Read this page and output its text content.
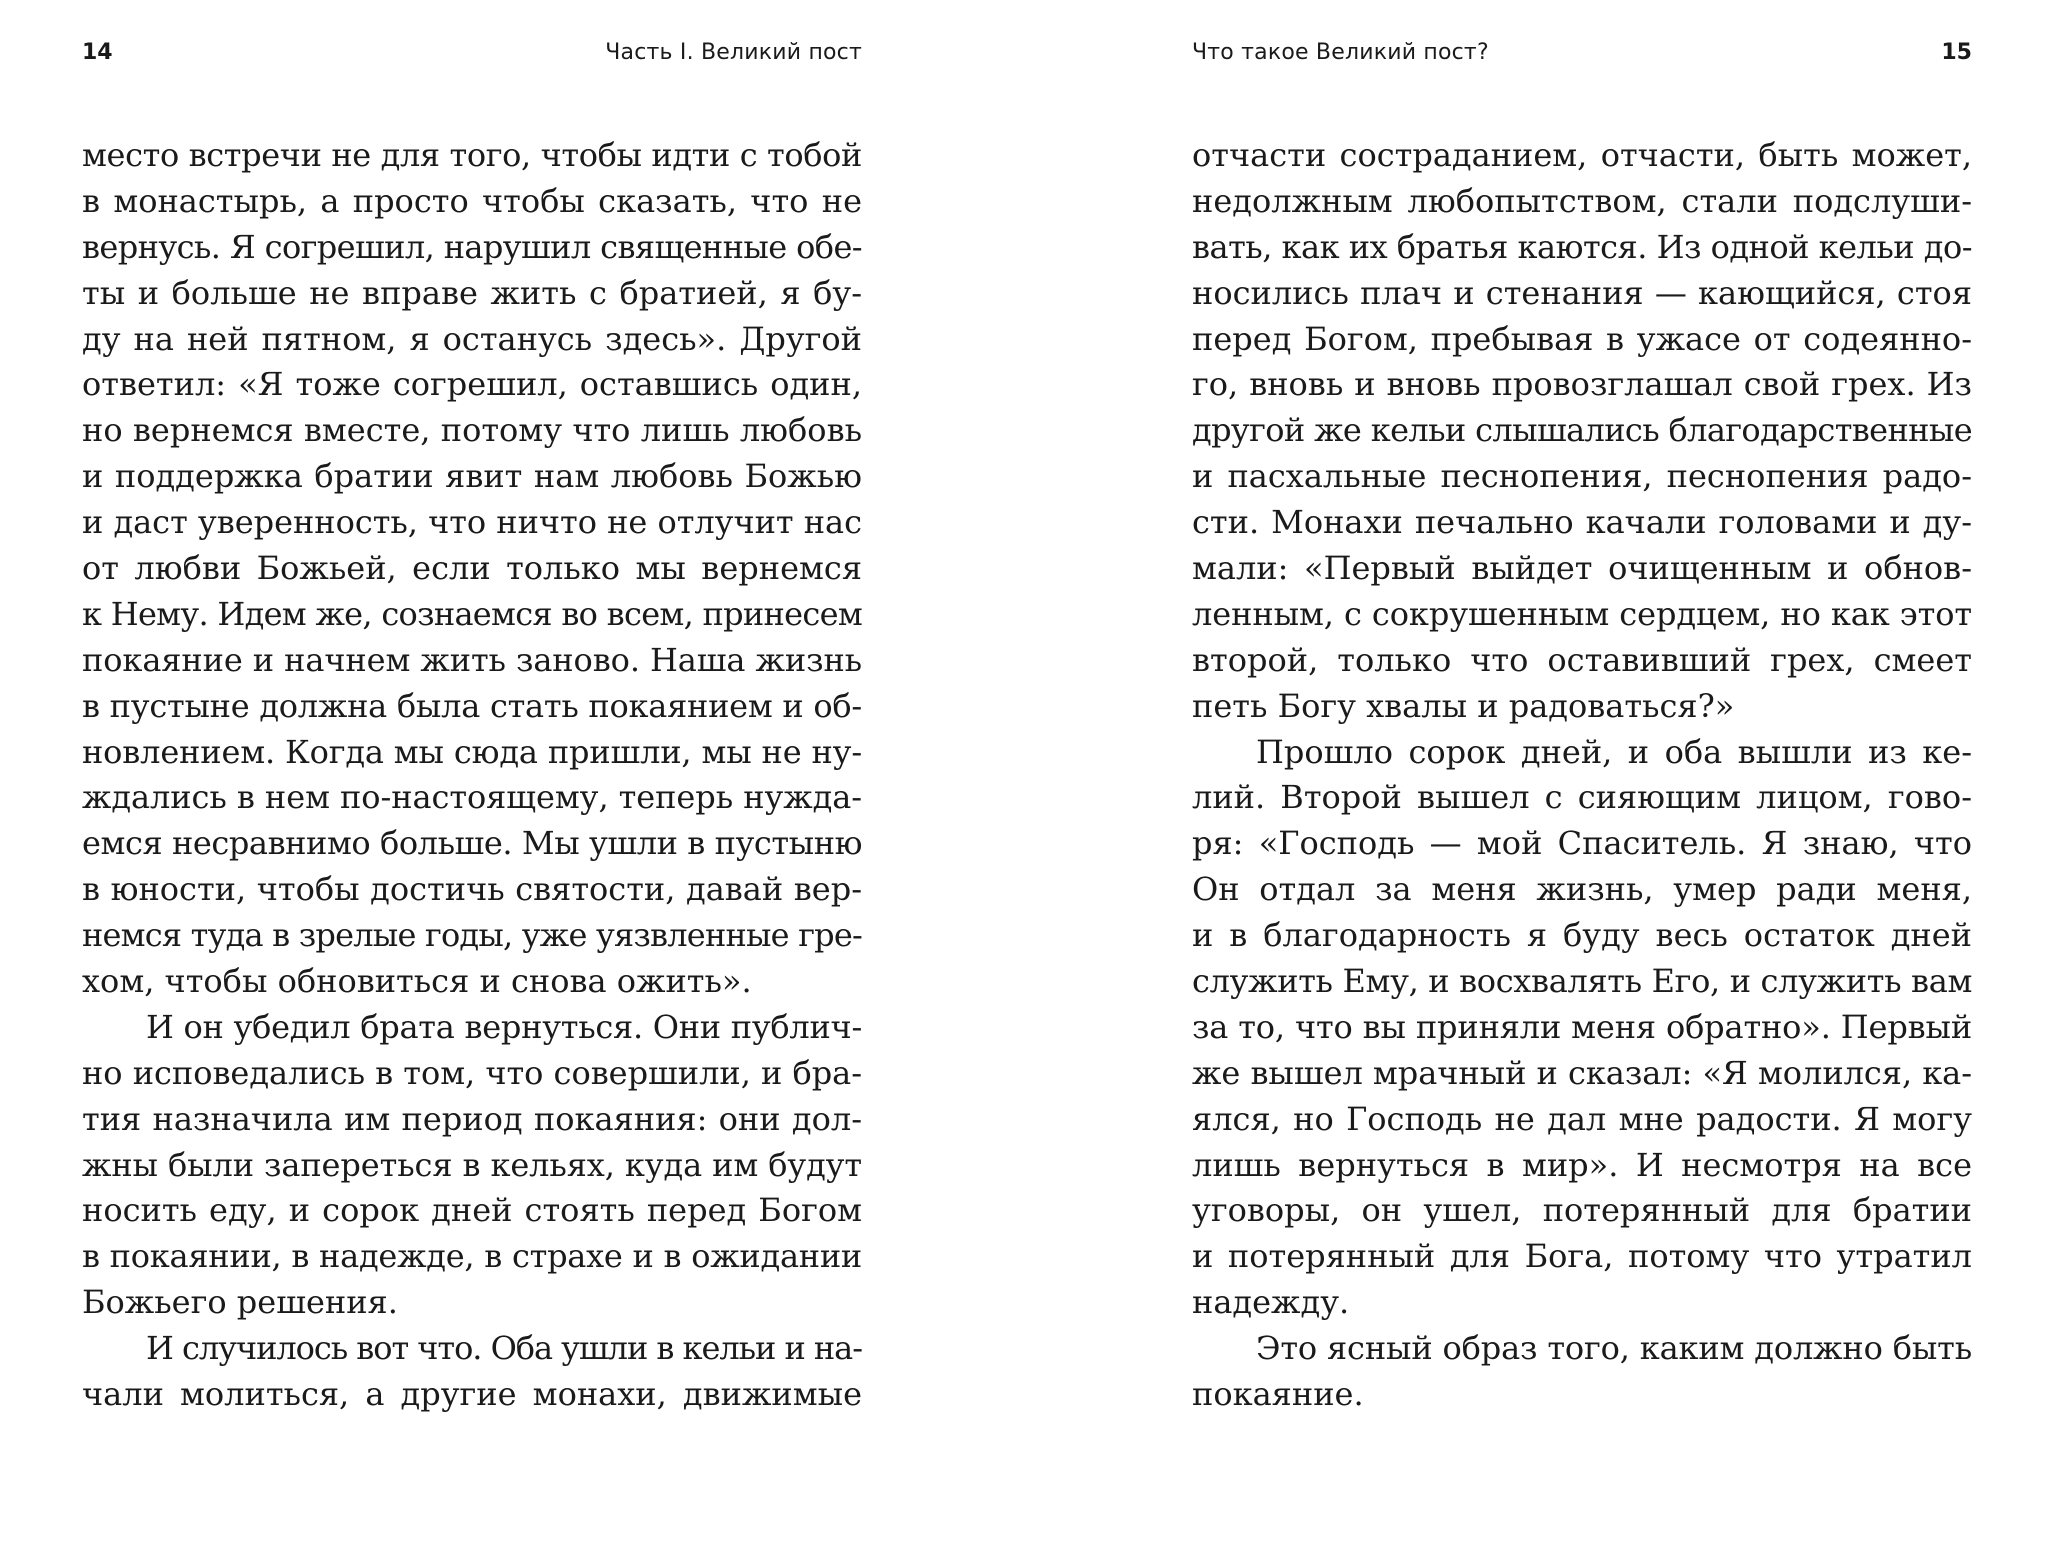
14	Часть I. Великий пост
место встречи не для того, чтобы идти с тобой
в монастырь, а просто чтобы сказать, что не
вернусь. Я согрешил, нарушил священные обе-
ты и больше не вправе жить с братией, я бу-
ду на ней пятном, я останусь здесь». Другой
ответил: «Я тоже согрешил, оставшись один,
но вернемся вместе, потому что лишь любовь
и поддержка братии явит нам любовь Божью
и даст уверенность, что ничто не отлучит нас
от любви Божьей, если только мы вернемся
к Нему. Идем же, сознаемся во всем, принесем
покаяние и начнем жить заново. Наша жизнь
в пустыне должна была стать покаянием и об-
новлением. Когда мы сюда пришли, мы не ну-
ждались в нем по-настоящему, теперь нужда-
емся несравнимо больше. Мы ушли в пустыню
в юности, чтобы достичь святости, давай вер-
немся туда в зрелые годы, уже уязвленные гре-
хом, чтобы обновиться и снова ожить».
И он убедил брата вернуться. Они публич-
но исповедались в том, что совершили, и бра-
тия назначила им период покаяния: они дол-
жны были запереться в кельях, куда им будут
носить еду, и сорок дней стоять перед Богом
в покаянии, в надежде, в страхе и в ожидании
Божьего решения.
И случилось вот что. Оба ушли в кельи и на-
чали молиться, а другие монахи, движимые
Что такое Великий пост?	15
отчасти состраданием, отчасти, быть может,
недолжным любопытством, стали подслуши-
вать, как их братья каются. Из одной кельи до-
носились плач и стенания — кающийся, стоя
перед Богом, пребывая в ужасе от содеянно-
го, вновь и вновь провозглашал свой грех. Из
другой же кельи слышались благодарственные
и пасхальные песнопения, песнопения радо-
сти. Монахи печально качали головами и ду-
мали: «Первый выйдет очищенным и обнов-
ленным, с сокрушенным сердцем, но как этот
второй, только что оставивший грех, смеет
петь Богу хвалы и радоваться?»
Прошло сорок дней, и оба вышли из ке-
лий. Второй вышел с сияющим лицом, гово-
ря: «Господь — мой Спаситель. Я знаю, что
Он отдал за меня жизнь, умер ради меня,
и в благодарность я буду весь остаток дней
служить Ему, и восхвалять Его, и служить вам
за то, что вы приняли меня обратно». Первый
же вышел мрачный и сказал: «Я молился, ка-
ялся, но Господь не дал мне радости. Я могу
лишь вернуться в мир». И несмотря на все
уговоры, он ушел, потерянный для братии
и потерянный для Бога, потому что утратил
надежду.
Это ясный образ того, каким должно быть
покаяние.
